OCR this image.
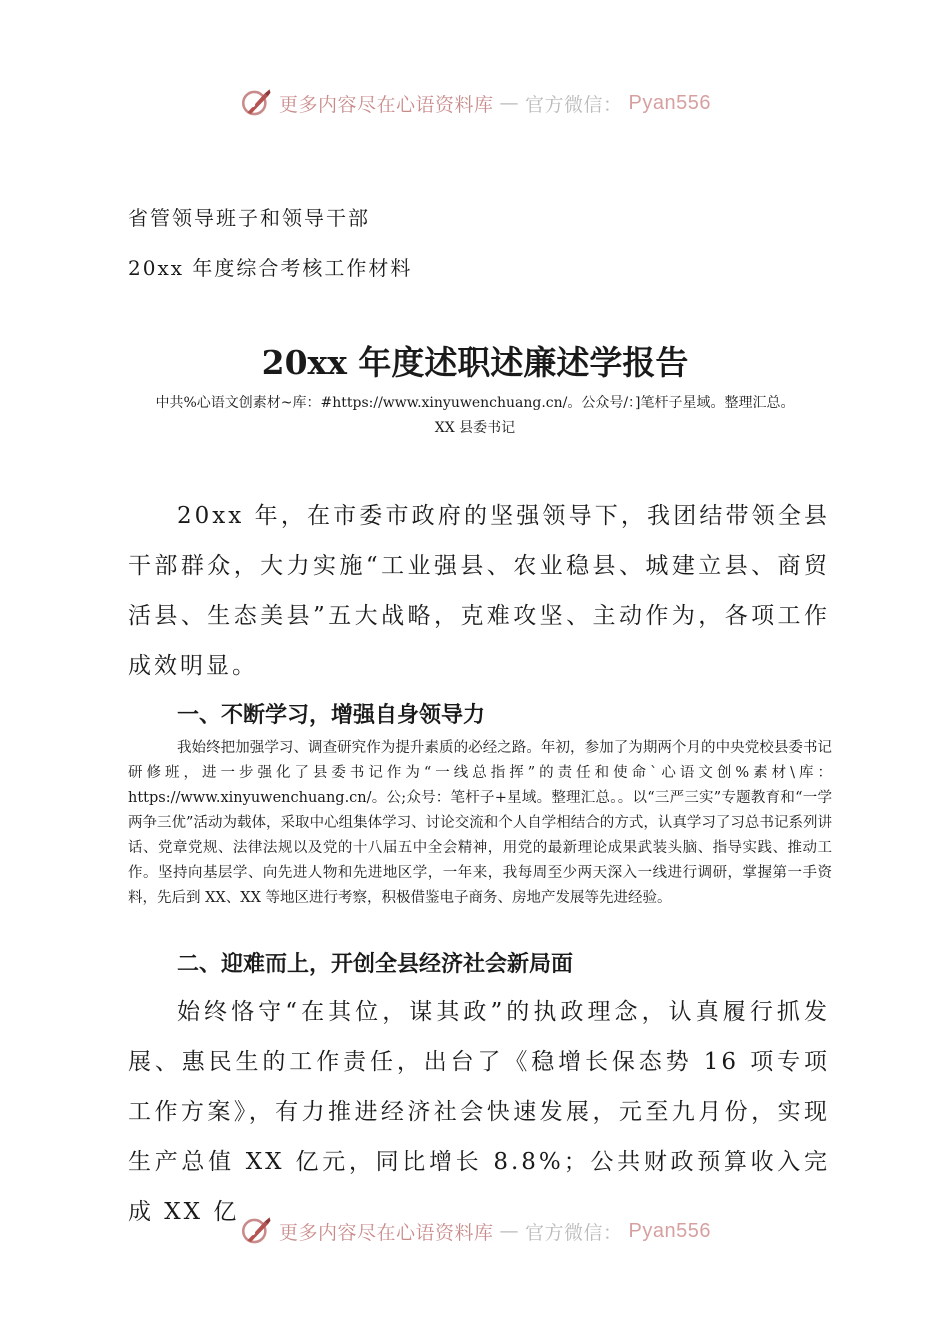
更多内容尽在心语资料库 — 官方微信： Pyan556
省管领导班子和领导干部
20xx 年度综合考核工作材料
20xx 年度述职述廉述学报告
中共%心语文创素材~库：#https://www.xinyuwenchuang.cn/。公众号/：]笔杆子星域。整理汇总。
XX 县委书记

20xx 年，在市委市政府的坚强领导下，我团结带领全县干部群众，大力实施“工业强县、农业稳县、城建立县、商贸活县、生态美县”五大战略，克难攻坚、主动作为，各项工作成效明显。

一、不断学习，增强自身领导力

我始终把加强学习、调查研究作为提升素质的必经之路。年初，参加了为期两个月的中央党校县委书记研修班，进一步强化了县委书记作为“一线总指挥”的责任和使命`心语文创%素材\库：https://www.xinyuwenchuang.cn/。公;众号：笔杆子+星域。整理汇总。。以“三严三实”专题教育和“一学两争三优”活动为载体，采取中心组集体学习、讨论交流和个人自学相结合的方式，认真学习了习总书记系列讲话、党章党规、法律法规以及党的十八届五中全会精神，用党的最新理论成果武装头脑、指导实践、推动工作。坚持向基层学、向先进人物和先进地区学，一年来，我每周至少两天深入一线进行调研，掌握第一手资料，先后到 XX、XX 等地区进行考察，积极借鉴电子商务、房地产发展等先进经验。

二、迎难而上，开创全县经济社会新局面

始终恪守“在其位，谋其政”的执政理念，认真履行抓发展、惠民生的工作责任，出台了《稳增长保态势 16 项专项工作方案》，有力推进经济社会快速发展，元至九月份，实现生产总值 XX 亿元，同比增长 8.8%；公共财政预算收入完成 XX 亿

更多内容尽在心语资料库 — 官方微信： Pyan556
